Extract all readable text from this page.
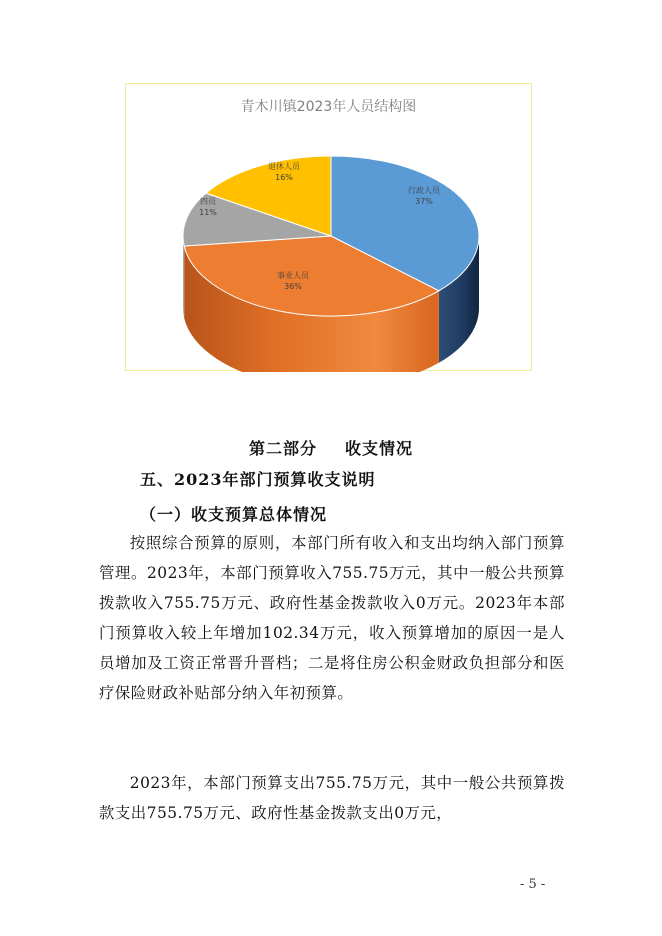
青木川镇2023年人员结构图
行政人员
37%
事业人员
36%
四员
11%
退休人员
16%
第二部分 收支情况
五、2023年部门预算收支说明
（一）收支预算总体情况

按照综合预算的原则，本部门所有收入和支出均纳入部门预算管理。2023年，本部门预算收入755.75万元，其中一般公共预算拨款收入755.75万元、政府性基金拨款收入0万元。2023年本部门预算收入较上年增加102.34万元，收入预算增加的原因一是人员增加及工资正常晋升晋档；二是将住房公积金财政负担部分和医疗保险财政补贴部分纳入年初预算。

2023年，本部门预算支出755.75万元，其中一般公共预算拨款支出755.75万元、政府性基金拨款支出0万元，

- 5 -
